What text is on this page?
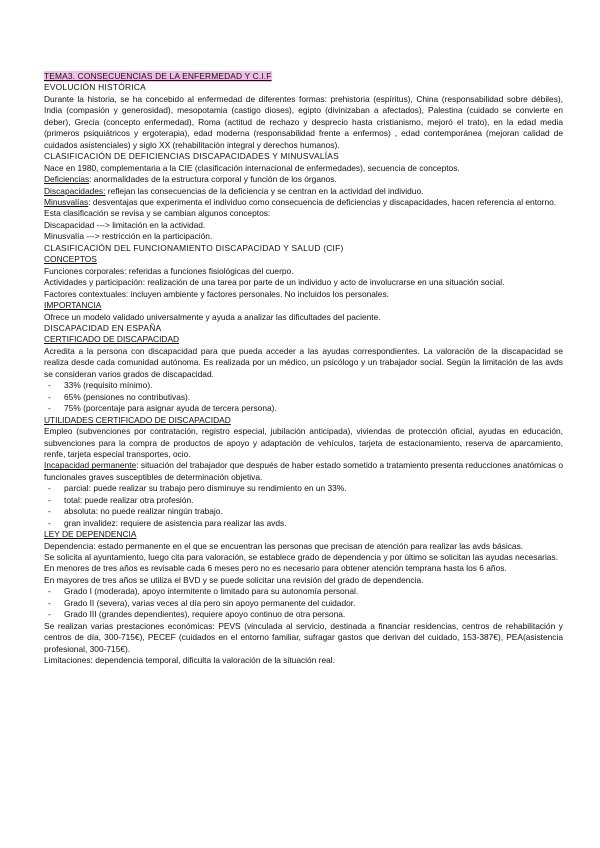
TEMA3. CONSECUENCIAS DE LA ENFERMEDAD Y C.I.F

EVOLUCIÓN HISTÓRICA

Durante la historia, se ha concebido al enfermedad de diferentes formas: prehistoria (espíritus), China (responsabilidad sobre débiles), India (compasión y generosidad), mesopotamia (castigo dioses), egipto (divinizaban a afectados), Palestina (cuidado se convierte en deber), Grecia (concepto enfermedad), Roma (actitud de rechazo y desprecio hasta cristianismo, mejoró el trato), en la edad media (primeros psiquiátricos y ergoterapia), edad moderna (responsabilidad frente a enfermos) , edad contemporánea (mejoran calidad de cuidados asistenciales) y siglo XX (rehabilitación integral y derechos humanos).

CLASIFICACIÓN DE DEFICIENCIAS DISCAPACIDADES Y MINUSVALÍAS

Nace en 1980, complementaria a la CIE (clasificación internacional de enfermedades), secuencia de conceptos.

Deficiencias: anormalidades de la estructura corporal y función de los órganos.

Discapacidades: reflejan las consecuencias de la deficiencia y se centran en la actividad del individuo.

Minusvalías: desventajas que experimenta el individuo como consecuencia de deficiencias y discapacidades, hacen referencia al entorno.

Esta clasificación se revisa y se cambian algunos conceptos:

Discapacidad ---> limitación en la actividad.

Minusvalía ---> restricción en la participación.

CLASIFICACIÓN DEL FUNCIONAMIENTO DISCAPACIDAD Y SALUD (CIF)

CONCEPTOS

Funciones corporales: referidas a funciones fisiológicas del cuerpo.

Actividades y participación: realización de una tarea por parte de un individuo y acto de involucrarse en una situación social.

Factores contextuales: incluyen ambiente y factores personales. No incluidos los personales.

IMPORTANCIA

Ofrece un modelo validado universalmente y ayuda a analizar las dificultades del paciente.

DISCAPACIDAD EN ESPAÑA

CERTIFICADO DE DISCAPACIDAD

Acredita a la persona con discapacidad para que pueda acceder a las ayudas correspondientes. La valoración de la discapacidad se realiza desde cada comunidad autónoma. Es realizada por un médico, un psicólogo y un trabajador social. Según la limitación de las avds se consideran varios grados de discapacidad.

-	33% (requisito mínimo).
-	65% (pensiones no contributivas).
-	75% (porcentaje para asignar ayuda de tercera persona).

UTILIDADES CERTIFICADO DE DISCAPACIDAD

Empleo (subvenciones por contratación, registro especial, jubilación anticipada), viviendas de protección oficial, ayudas en educación, subvenciones para la compra de productos de apoyo y adaptación de vehículos, tarjeta de estacionamiento, reserva de aparcamiento, renfe, tarjeta especial transportes, ocio.

Incapacidad permanente: situación del trabajador que después de haber estado sometido a tratamiento presenta reducciones anatómicas o funcionales graves susceptibles de determinación objetiva.

-	parcial: puede realizar su trabajo pero disminuye su rendimiento en un 33%.
-	total: puede realizar otra profesión.
-	absoluta: no puede realizar ningún trabajo.
-	gran invalidez: requiere de asistencia para realizar las avds.

LEY DE DEPENDENCIA

Dependencia: estado permanente en el que se encuentran las personas que precisan de atención para realizar las avds básicas.

Se solicita al ayuntamiento, luego cita para valoración, se establece grado de dependencia y por último se solicitan las ayudas necesarias.

En menores de tres años es revisable cada 6 meses pero no es necesario para obtener atención temprana hasta los 6 años.

En mayores de tres años se utiliza el BVD y se puede solicitar una revisión del grado de dependencia.

-	Grado I (moderada), apoyo intermitente o limitado para su autonomía personal.
-	Grado II (severa), varias veces al día pero sin apoyo permanente del cuidador.
-	Grado III (grandes dependientes), requiere apoyo continuo de otra persona.

Se realizan varias prestaciones económicas: PEVS (vinculada al servicio, destinada a financiar residencias, centros de rehabilitación y centros de día, 300-715€), PECEF (cuidados en el entorno familiar, sufragar gastos que derivan del cuidado, 153-387€), PEA(asistencia profesional, 300-715€).

Limitaciones: dependencia temporal, dificulta la valoración de la situación real.
